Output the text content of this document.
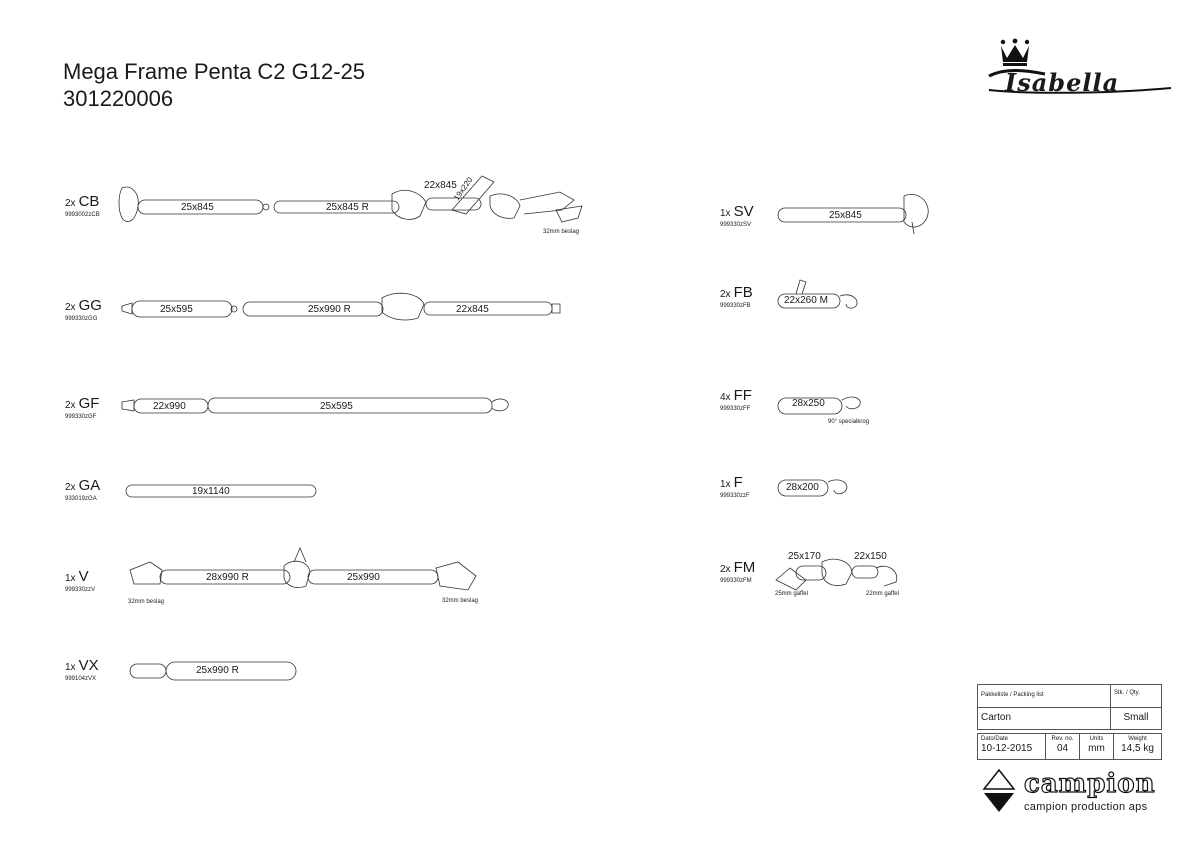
Mega Frame Penta C2 G12-25
301220006
Isabella
2x CB
9993002zCB
2x GG
999330zGG
2x GF
999330zGF
2x GA
933019zGA
1x V
999330zzV
1x VX
999104zVX
1x SV
999330zSV
2x FB
999330zFB
4x FF
999330zFF
1x F
999330zzF
2x FM
999330zFM
25x845	25x845 R
22x845
19x220
32mm beslag
25x595	25x990 R	22x845
22x990	25x595
19x1140
28x990 R	25x990
32mm beslag	32mm beslag
25x990 R
25x845
22x260 M
28x250
90° specialkrog
28x200
25x170	22x150
25mm gaffel	22mm gaffel
Pakkeliste / Packing list	Stk. / Qty.
Carton	Small
Dato/Date
10-12-2015
Rev. no.
04
Units
mm
Weight
14,5 kg
campion
campion production aps
